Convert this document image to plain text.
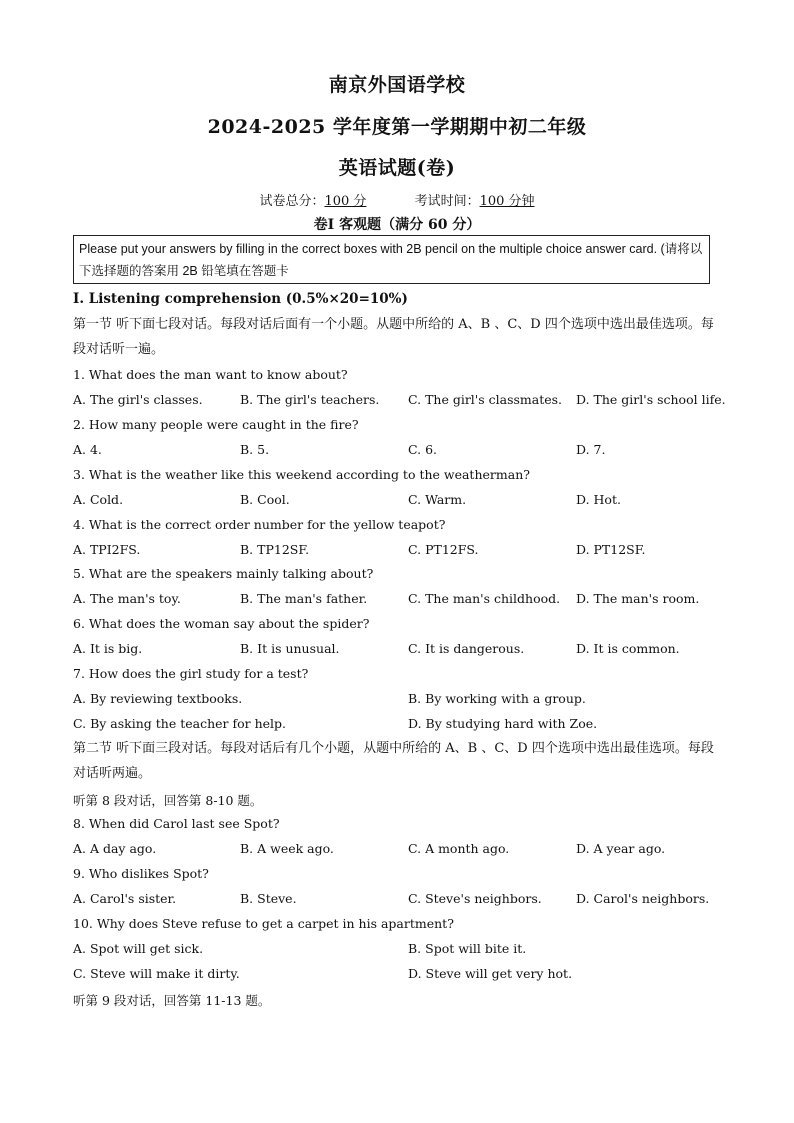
南京外国语学校
2024-2025 学年度第一学期期中初二年级
英语试题(卷)
试卷总分：100 分	考试时间：100 分钟
卷Ⅰ 客观题（满分 60 分）
Please put your answers by filling in the correct boxes with 2B pencil on the multiple choice answer card. (请将以下选择题的答案用 2B 铅笔填在答题卡
Ⅰ. Listening comprehension (0.5%×20=10%)
第一节 听下面七段对话。每段对话后面有一个小题。从题中所给的 A、B 、C、D 四个选项中选出最佳选项。每段对话听一遍。
1. What does the man want to know about?
A. The girl's classes.	B. The girl's teachers. C. The girl's classmates. D. The girl's school life.
2. How many people were caught in the fire?
A. 4.	B. 5.	C. 6.	D. 7.
3. What is the weather like this weekend according to the weatherman?
A. Cold.	B. Cool.	C. Warm.	D. Hot.
4. What is the correct order number for the yellow teapot?
A. TPI2FS.	B. TP12SF.	C. PT12FS.	D. PT12SF.
5. What are the speakers mainly talking about?
A. The man's toy.	B. The man's father.	C. The man's childhood. D. The man's room.
6. What does the woman say about the spider?
A. It is big.	B. It is unusual.	C. It is dangerous.	D. It is common.
7. How does the girl study for a test?
A. By reviewing textbooks.	B. By working with a group.
C. By asking the teacher for help.	D. By studying hard with Zoe.
第二节 听下面三段对话。每段对话后有几个小题，从题中所给的 A、B 、C、D 四个选项中选出最佳选项。每段对话听两遍。
听第 8 段对话，回答第 8-10 题。
8. When did Carol last see Spot?
A. A day ago.	B. A week ago.	C. A month ago.	D. A year ago.
9. Who dislikes Spot?
A. Carol's sister.	B. Steve.	C. Steve's neighbors.	D. Carol's neighbors.
10. Why does Steve refuse to get a carpet in his apartment?
A. Spot will get sick.	B. Spot will bite it.
C. Steve will make it dirty.	D. Steve will get very hot.
听第 9 段对话，回答第 11-13 题。
